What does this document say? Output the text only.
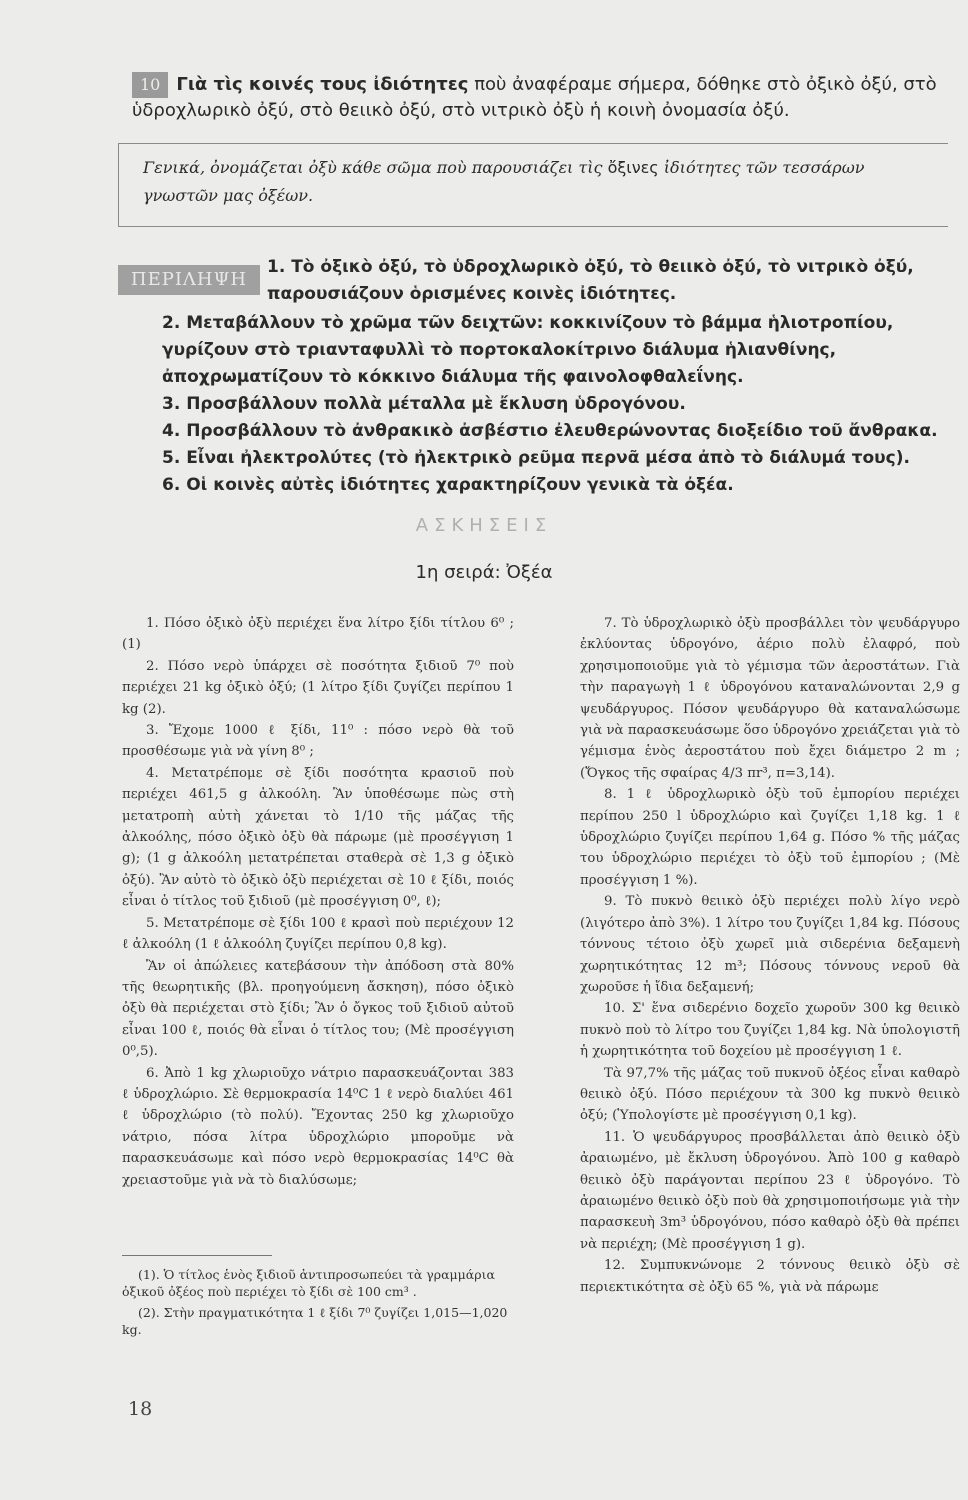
10 Γιὰ τὶς κοινές τους ἰδιότητες ποὺ ἀναφέραμε σήμερα, δόθηκε στὸ ὀξικὸ ὀξύ, στὸ ὑδροχλωρικὸ ὀξύ, στὸ θειικὸ ὀξύ, στὸ νιτρικὸ ὀξὺ ἡ κοινὴ ὀνομασία ὀξύ.
Γενικά, ὀνομάζεται ὀξὺ κάθε σῶμα ποὺ παρουσιάζει τὶς ὄξινες ἰδιότητες τῶν τεσσάρων γνωστῶν μας ὀξέων.
ΠΕΡΙΛΗΨΗ

1. Τὸ ὀξικὸ ὀξύ, τὸ ὑδροχλωρικὸ ὀξύ, τὸ θειικὸ ὀξύ, τὸ νιτρικὸ ὀξύ, παρουσιάζουν ὁρισμένες κοινὲς ἰδιότητες.

2. Μεταβάλλουν τὸ χρῶμα τῶν δειχτῶν: κοκκινίζουν τὸ βάμμα ἡλιοτροπίου, γυρίζουν στὸ τριανταφυλλὶ τὸ πορτοκαλοκίτρινο διάλυμα ἡλιανθίνης, ἀποχρωματίζουν τὸ κόκκινο διάλυμα τῆς φαινολοφθαλεΐνης.

3. Προσβάλλουν πολλὰ μέταλλα μὲ ἔκλυση ὑδρογόνου.

4. Προσβάλλουν τὸ ἀνθρακικὸ ἀσβέστιο ἐλευθερώνοντας διοξείδιο τοῦ ἄνθρακα.

5. Εἶναι ἠλεκτρολύτες (τὸ ἠλεκτρικὸ ρεῦμα περνᾶ μέσα ἀπὸ τὸ διάλυμά τους).

6. Οἱ κοινὲς αὐτὲς ἰδιότητες χαρακτηρίζουν γενικὰ τὰ ὀξέα.

ΑΣΚΗΣΕΙΣ
1η σειρά: Ὀξέα

1. Πόσο ὀξικὸ ὀξὺ περιέχει ἕνα λίτρο ξίδι τίτλου 6⁰ ; (1)

2. Πόσο νερὸ ὑπάρχει σὲ ποσότητα ξιδιοῦ 7⁰ ποὺ περιέχει 21 kg ὀξικὸ ὀξύ; (1 λίτρο ξίδι ζυγίζει περίπου 1 kg (2).

3. Ἔχομε 1000 ℓ ξίδι, 11⁰ : πόσο νερὸ θὰ τοῦ προσθέσωμε γιὰ νὰ γίνη 8⁰ ;

4. Μετατρέπομε σὲ ξίδι ποσότητα κρασιοῦ ποὺ περιέχει 461,5 g ἀλκοόλη. Ἂν ὑποθέσωμε πὼς στὴ μετατροπὴ αὐτὴ χάνεται τὸ 1/10 τῆς μάζας τῆς ἀλκοόλης, πόσο ὀξικὸ ὀξὺ θὰ πάρωμε (μὲ προσέγγιση 1 g); (1 g ἀλκοόλη μετατρέπεται σταθερὰ σὲ 1,3 g ὀξικὸ ὀξύ). Ἂν αὐτὸ τὸ ὀξικὸ ὀξὺ περιέχεται σὲ 10 ℓ ξίδι, ποιός εἶναι ὁ τίτλος τοῦ ξιδιοῦ (μὲ προσέγγιση 0⁰, ℓ);

5. Μετατρέπομε σὲ ξίδι 100 ℓ κρασὶ ποὺ περιέχουν 12 ℓ ἀλκοόλη (1 ℓ ἀλκοόλη ζυγίζει περίπου 0,8 kg).

Ἂν οἱ ἀπώλειες κατεβάσουν τὴν ἀπόδοση στὰ 80% τῆς θεωρητικῆς (βλ. προηγούμενη ἄσκηση), πόσο ὀξικὸ ὀξὺ θὰ περιέχεται στὸ ξίδι; Ἂν ὁ ὄγκος τοῦ ξιδιοῦ αὐτοῦ εἶναι 100 ℓ, ποιός θὰ εἶναι ὁ τίτλος του; (Μὲ προσέγγιση 0⁰,5).

6. Ἀπὸ 1 kg χλωριοῦχο νάτριο παρασκευάζονται 383 ℓ ὑδροχλώριο. Σὲ θερμοκρασία 14⁰C 1 ℓ νερὸ διαλύει 461 ℓ ὑδροχλώριο (τὸ πολύ). Ἔχοντας 250 kg χλωριοῦχο νάτριο, πόσα λίτρα ὑδροχλώριο μποροῦμε νὰ παρασκευάσωμε καὶ πόσο νερὸ θερμοκρασίας 14⁰C θὰ χρειαστοῦμε γιὰ νὰ τὸ διαλύσωμε;

7. Τὸ ὑδροχλωρικὸ ὀξὺ προσβάλλει τὸν ψευδάργυρο ἐκλύοντας ὑδρογόνο, ἀέριο πολὺ ἐλαφρό, ποὺ χρησιμοποιοῦμε γιὰ τὸ γέμισμα τῶν ἀεροστάτων. Γιὰ τὴν παραγωγὴ 1 ℓ ὑδρογόνου καταναλώνονται 2,9 g ψευδάργυρος. Πόσον ψευδάργυρο θὰ καταναλώσωμε γιὰ νὰ παρασκευάσωμε ὅσο ὑδρογόνο χρειάζεται γιὰ τὸ γέμισμα ἑνὸς ἀεροστάτου ποὺ ἔχει διάμετρο 2 m ; (Ὄγκος τῆς σφαίρας 4/3 πr³, π=3,14).

8. 1 ℓ ὑδροχλωρικὸ ὀξὺ τοῦ ἐμπορίου περιέχει περίπου 250 l ὑδροχλώριο καὶ ζυγίζει 1,18 kg. 1 ℓ ὑδροχλώριο ζυγίζει περίπου 1,64 g. Πόσο % τῆς μάζας του ὑδροχλώριο περιέχει τὸ ὀξὺ τοῦ ἐμπορίου ; (Μὲ προσέγγιση 1 %).

9. Τὸ πυκνὸ θειικὸ ὀξὺ περιέχει πολὺ λίγο νερὸ (λιγότερο ἀπὸ 3%). 1 λίτρο του ζυγίζει 1,84 kg. Πόσους τόννους τέτοιο ὀξὺ χωρεῖ μιὰ σιδερένια δεξαμενὴ χωρητικότητας 12 m³; Πόσους τόννους νεροῦ θὰ χωροῦσε ἡ ἴδια δεξαμενή;

10. Σ' ἕνα σιδερένιο δοχεῖο χωροῦν 300 kg θειικὸ πυκνὸ ποὺ τὸ λίτρο του ζυγίζει 1,84 kg. Νὰ ὑπολογιστῆ ἡ χωρητικότητα τοῦ δοχείου μὲ προσέγγιση 1 ℓ.

Τὰ 97,7% τῆς μάζας τοῦ πυκνοῦ ὀξέος εἶναι καθαρὸ θειικὸ ὀξύ. Πόσο περιέχουν τὰ 300 kg πυκνὸ θειικὸ ὀξύ; (Ὑπολογίστε μὲ προσέγγιση 0,1 kg).

11. Ὁ ψευδάργυρος προσβάλλεται ἀπὸ θειικὸ ὀξὺ ἀραιωμένο, μὲ ἔκλυση ὑδρογόνου. Ἀπὸ 100 g καθαρὸ θειικὸ ὀξὺ παράγονται περίπου 23 ℓ ὑδρογόνο. Τὸ ἀραιωμένο θειικὸ ὀξὺ ποὺ θὰ χρησιμοποιήσωμε γιὰ τὴν παρασκευὴ 3m³ ὑδρογόνου, πόσο καθαρὸ ὀξὺ θὰ πρέπει νὰ περιέχη; (Μὲ προσέγγιση 1 g).

12. Συμπυκνώνομε 2 τόννους θειικὸ ὀξὺ σὲ περιεκτικότητα σὲ ὀξὺ 65 %, γιὰ νὰ πάρωμε

(1). Ὁ τίτλος ἑνὸς ξιδιοῦ ἀντιπροσωπεύει τὰ γραμμάρια ὀξικοῦ ὀξέος ποὺ περιέχει τὸ ξίδι σὲ 100 cm³ .

(2). Στὴν πραγματικότητα 1 ℓ ξίδι 7⁰ ζυγίζει 1,015—1,020 kg.

18
